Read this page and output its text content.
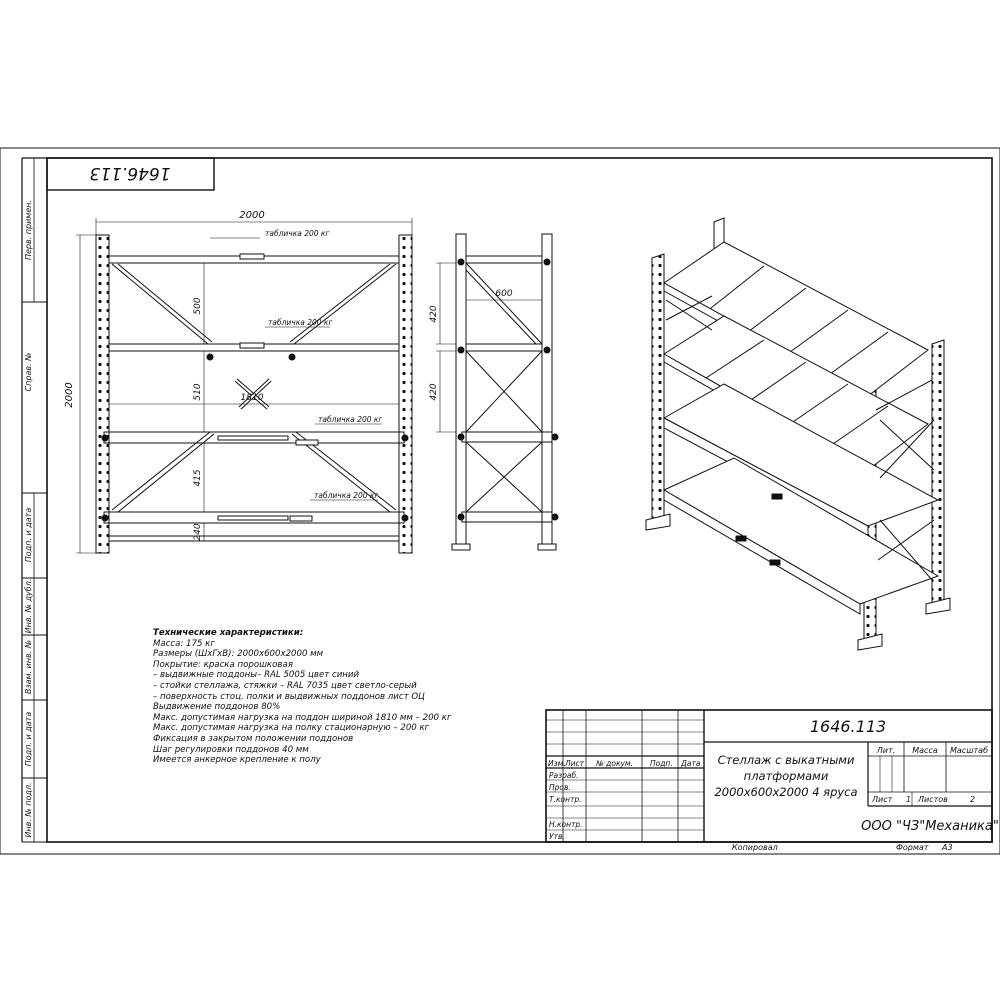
Перв. примен.
Справ. №
Подп. и дата
Инв. № дубл.
Взам. инв. №
Подп. и дата
Инв. № подл.
1646.113
2000
2000
500
510	1810
415
240
табличка 200 кг
табличка 200 кг
табличка 200 кг
табличка 200 кг
600
420
420
1646.113
Стеллаж с выкатными
платформами
2000х600х2000 4 яруса
ООО "ЧЗ"Механика"
Лит. Масса Масштаб
Лист 1 Листов	2
Изм. Лист № докум. Подп. Дата
Разраб.
Пров.
Т.контр.
Н.контр.
Утв.
Копировал	Формат А3
Технические характеристики:
Масса: 175 кг
Размеры (ШхГхВ): 2000х600х2000 мм
Покрытие: краска порошковая
– выдвижные поддоны– RAL 5005 цвет синий
– стойки стеллажа, стяжки – RAL 7035 цвет светло-серый
– поверхность стоц. полки и выдвижных поддонов лист ОЦ
Выдвижение поддонов 80%
Макс. допустимая нагрузка на поддон шириной 1810 мм – 200 кг
Макс. допустимая нагрузка на полку стационарную – 200 кг
Фиксация в закрытом положении поддонов
Шаг регулировки поддонов 40 мм
Имеется анкерное крепление к полу
